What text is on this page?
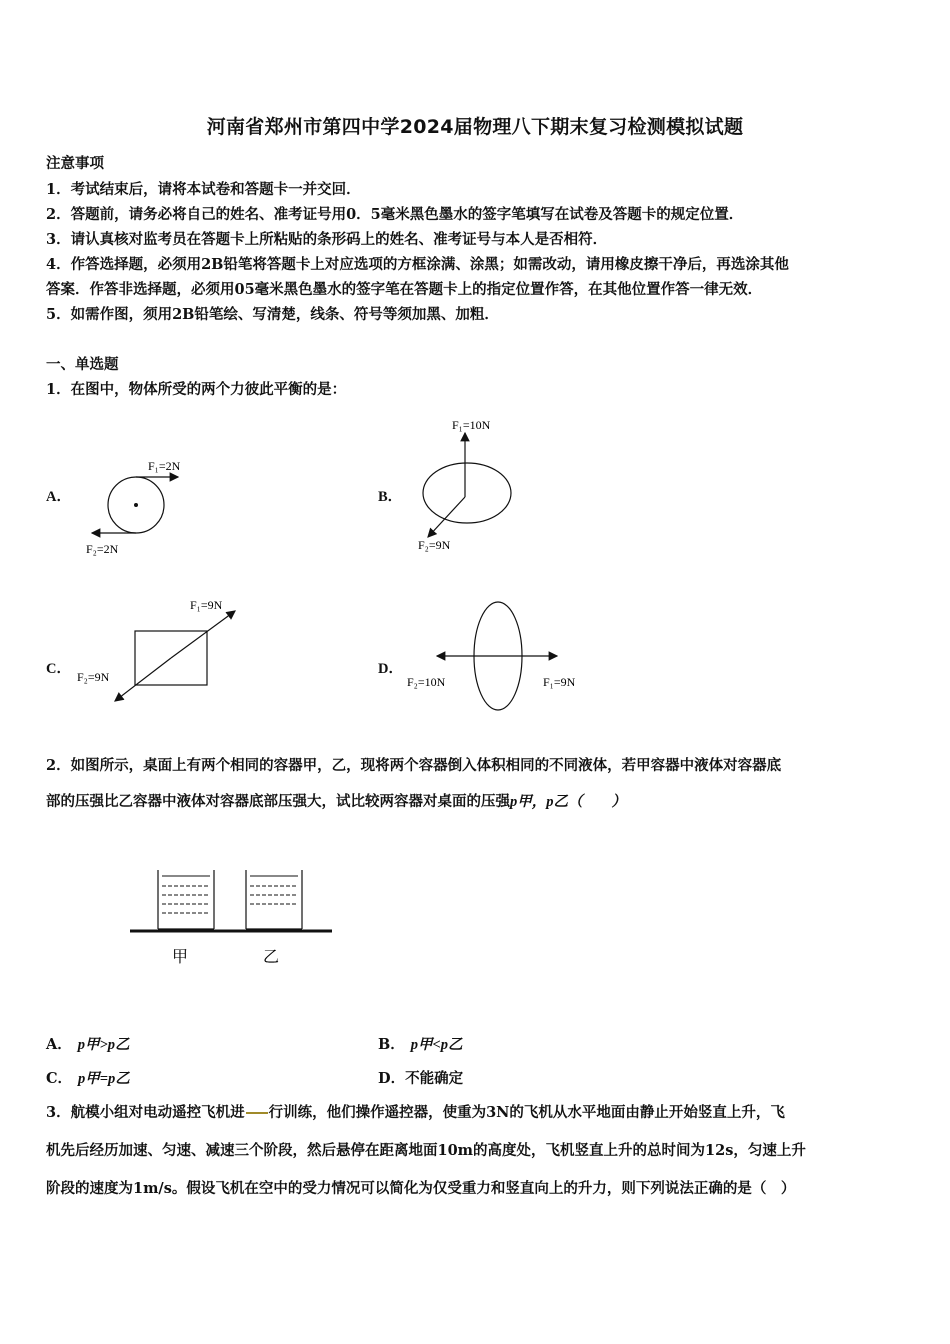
河南省郑州市第四中学2024届物理八下期末复习检测模拟试题
注意事项
1．考试结束后，请将本试卷和答题卡一并交回．
2．答题前，请务必将自己的姓名、准考证号用0．5毫米黑色墨水的签字笔填写在试卷及答题卡的规定位置．
3．请认真核对监考员在答题卡上所粘贴的条形码上的姓名、准考证号与本人是否相符．
4．作答选择题，必须用2B铅笔将答题卡上对应选项的方框涂满、涂黑；如需改动，请用橡皮擦干净后，再选涂其他
答案．作答非选择题，必须用05毫米黑色墨水的签字笔在答题卡上的指定位置作答，在其他位置作答一律无效．
5．如需作图，须用2B铅笔绘、写清楚，线条、符号等须加黑、加粗．
一、单选题
1．在图中，物体所受的两个力彼此平衡的是：
A．	B．
C．	D．
F₁=2N
F₂=2N
F₁=10N
F₂=9N
F₁=9N
F₂=9N	F₂=10N	F₁=9N
2．如图所示，桌面上有两个相同的容器甲，乙，现将两个容器倒入体积相同的不同液体，若甲容器中液体对容器底
部的压强比乙容器中液体对容器底部压强大，试比较两容器对桌面的压强p甲，p乙（　　）
甲	乙
A． p甲>p乙	B． p甲<p乙
C． p甲=p乙	D．不能确定
3．航模小组对电动遥控飞机进 行训练，他们操作遥控器，使重为3N的飞机从水平地面由静止开始竖直上升，飞
机先后经历加速、匀速、减速三个阶段，然后悬停在距离地面10m的高度处，飞机竖直上升的总时间为12s，匀速上升
阶段的速度为1m/s。假设飞机在空中的受力情况可以简化为仅受重力和竖直向上的升力，则下列说法正确的是（　）
